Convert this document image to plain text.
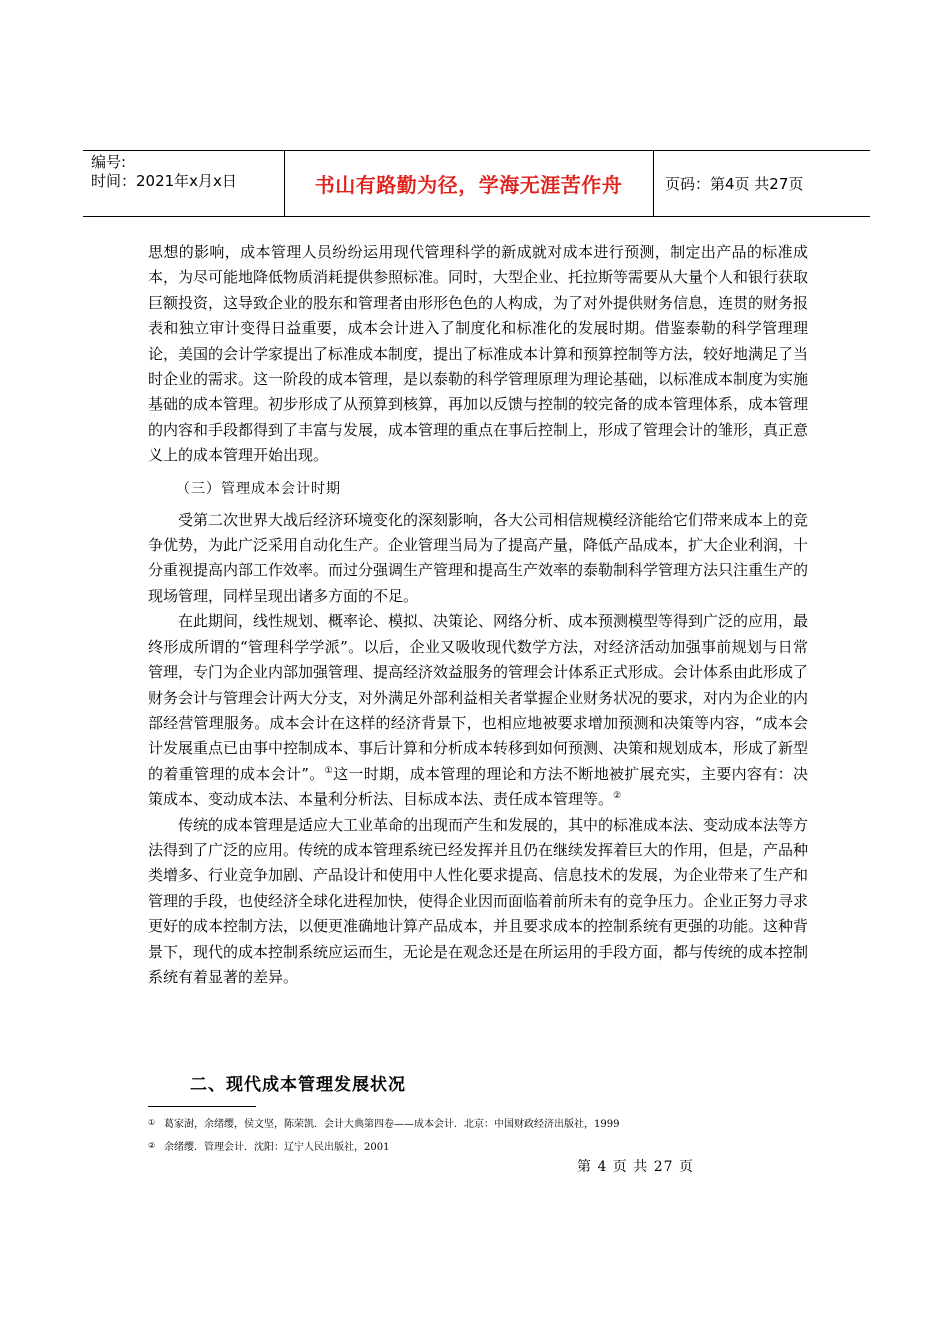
编号:
时间：2021年x月x日	书山有路勤为径，学海无涯苦作舟	页码：第4页 共27页

思想的影响，成本管理人员纷纷运用现代管理科学的新成就对成本进行预测，制定出产品的标准成本，为尽可能地降低物质消耗提供参照标准。同时，大型企业、托拉斯等需要从大量个人和银行获取巨额投资，这导致企业的股东和管理者由形形色色的人构成，为了对外提供财务信息，连贯的财务报表和独立审计变得日益重要，成本会计进入了制度化和标准化的发展时期。借鉴泰勒的科学管理理论，美国的会计学家提出了标准成本制度，提出了标准成本计算和预算控制等方法，较好地满足了当时企业的需求。这一阶段的成本管理，是以泰勒的科学管理原理为理论基础，以标准成本制度为实施基础的成本管理。初步形成了从预算到核算，再加以反馈与控制的较完备的成本管理体系，成本管理的内容和手段都得到了丰富与发展，成本管理的重点在事后控制上，形成了管理会计的雏形，真正意义上的成本管理开始出现。

（三）管理成本会计时期

受第二次世界大战后经济环境变化的深刻影响，各大公司相信规模经济能给它们带来成本上的竞争优势，为此广泛采用自动化生产。企业管理当局为了提高产量，降低产品成本，扩大企业利润，十分重视提高内部工作效率。而过分强调生产管理和提高生产效率的泰勒制科学管理方法只注重生产的现场管理，同样呈现出诸多方面的不足。

在此期间，线性规划、概率论、模拟、决策论、网络分析、成本预测模型等得到广泛的应用，最终形成所谓的“管理科学学派”。以后，企业又吸收现代数学方法，对经济活动加强事前规划与日常管理，专门为企业内部加强管理、提高经济效益服务的管理会计体系正式形成。会计体系由此形成了财务会计与管理会计两大分支，对外满足外部利益相关者掌握企业财务状况的要求，对内为企业的内部经营管理服务。成本会计在这样的经济背景下，也相应地被要求增加预测和决策等内容，“成本会计发展重点已由事中控制成本、事后计算和分析成本转移到如何预测、决策和规划成本，形成了新型的着重管理的成本会计”。①这一时期，成本管理的理论和方法不断地被扩展充实，主要内容有：决策成本、变动成本法、本量利分析法、目标成本法、责任成本管理等。②

传统的成本管理是适应大工业革命的出现而产生和发展的，其中的标准成本法、变动成本法等方法得到了广泛的应用。传统的成本管理系统已经发挥并且仍在继续发挥着巨大的作用，但是，产品种类增多、行业竞争加剧、产品设计和使用中人性化要求提高、信息技术的发展，为企业带来了生产和管理的手段，也使经济全球化进程加快，使得企业因而面临着前所未有的竞争压力。企业正努力寻求更好的成本控制方法，以便更准确地计算产品成本，并且要求成本的控制系统有更强的功能。这种背景下，现代的成本控制系统应运而生，无论是在观念还是在所运用的手段方面，都与传统的成本控制系统有着显著的差异。

二、现代成本管理发展状况
① 葛家澍，余绪缨，侯文坚，陈荣凯．会计大典第四卷——成本会计．北京：中国财政经济出版社，1999
② 余绪缨．管理会计．沈阳：辽宁人民出版社，2001
第 4 页 共 27 页
